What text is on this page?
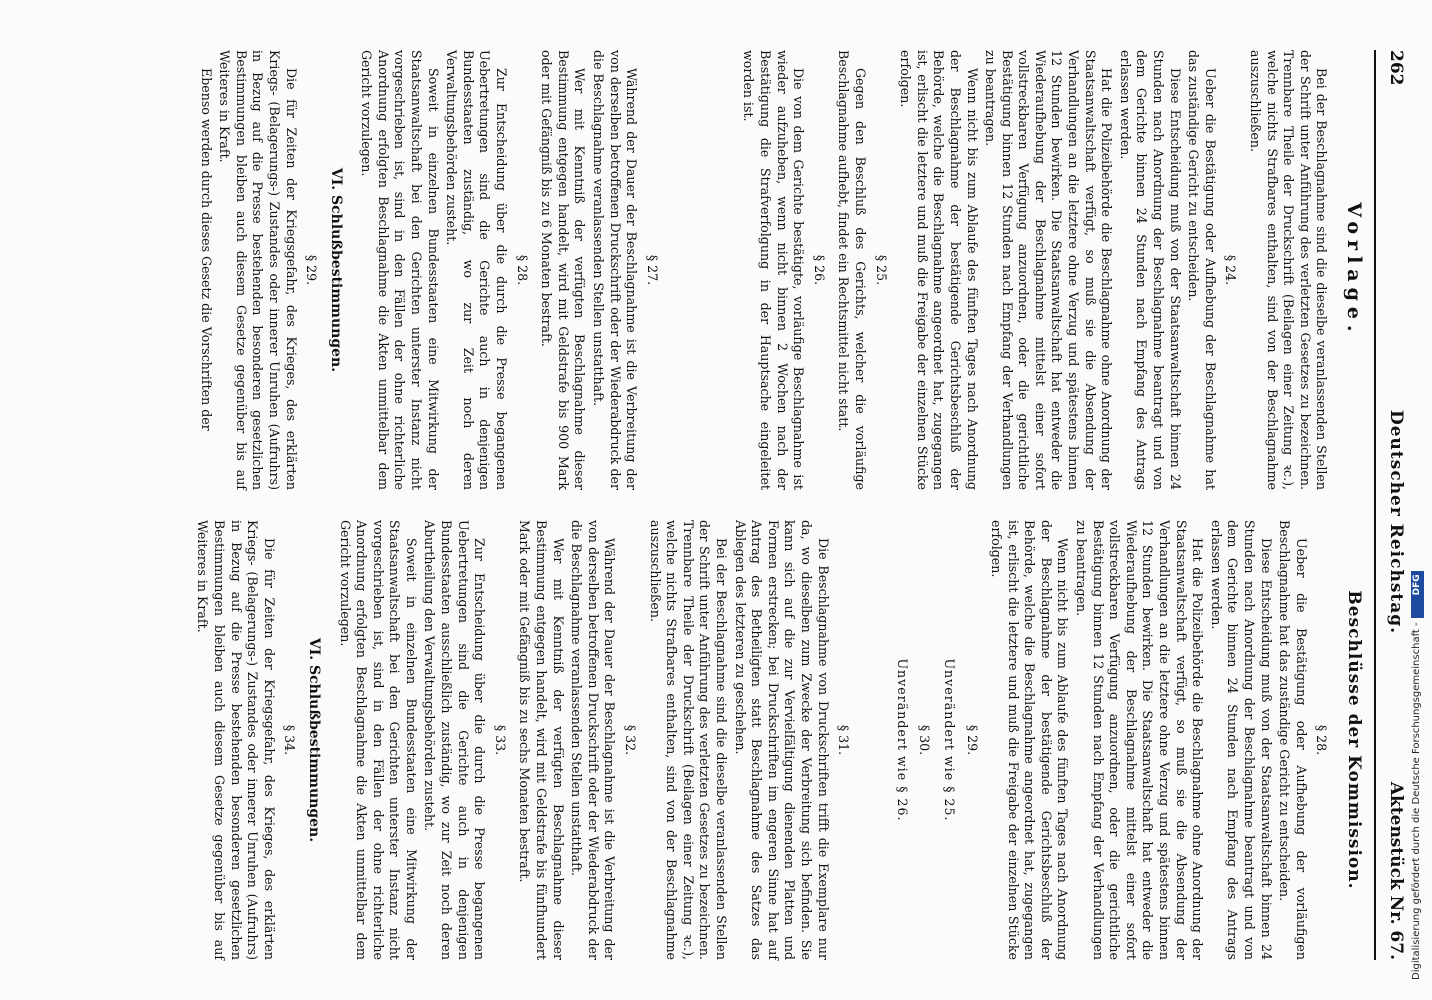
262
Deutscher Reichstag.
Aktenstück Nr. 67.
Vorlage.

Bei der Beschlagnahme sind die dieselbe veranlassenden Stellen der Schrift unter Anführung des verletzten Gesetzes zu bezeichnen. Trennbare Theile der Druckschrift (Beilagen einer Zeitung ꝛc.), welche nichts Strafbares enthalten, sind von der Beschlagnahme auszuschließen.

§ 24.

Ueber die Bestätigung oder Aufhebung der Beschlagnahme hat das zuständige Gericht zu entscheiden.

Diese Entscheidung muß von der Staatsanwaltschaft binnen 24 Stunden nach Anordnung der Beschlagnahme beantragt und von dem Gerichte binnen 24 Stunden nach Empfang des Antrags erlassen werden.

Hat die Polizeibehörde die Beschlagnahme ohne Anordnung der Staatsanwaltschaft verfügt, so muß sie die Absendung der Verhandlungen an die letztere ohne Verzug und spätestens binnen 12 Stunden bewirken. Die Staatsanwaltschaft hat entweder die Wiederaufhebung der Beschlagnahme mittelst einer sofort vollstreckbaren Verfügung anzuordnen, oder die gerichtliche Bestätigung binnen 12 Stunden nach Empfang der Verhandlungen zu beantragen.

Wenn nicht bis zum Ablaufe des fünften Tages nach Anordnung der Beschlagnahme der bestätigende Gerichtsbeschluß der Behörde, welche die Beschlagnahme angeordnet hat, zugegangen ist, erlischt die letztere und muß die Freigabe der einzelnen Stücke erfolgen.

§ 25.

Gegen den Beschluß des Gerichts, welcher die vorläufige Beschlagnahme aufhebt, findet ein Rechtsmittel nicht statt.

§ 26.

Die von dem Gerichte bestätigte, vorläufige Beschlagnahme ist wieder aufzuheben, wenn nicht binnen 2 Wochen nach der Bestätigung die Strafverfolgung in der Hauptsache eingeleitet worden ist.

§ 27.

Während der Dauer der Beschlagnahme ist die Verbreitung der von derselben betroffenen Druckschrift oder der Wiederabdruck der die Beschlagnahme veranlassenden Stellen unstatthaft.

Wer mit Kenntniß der verfügten Beschlagnahme dieser Bestimmung entgegen handelt, wird mit Geldstrafe bis 900 Mark oder mit Gefängniß bis zu 6 Monaten bestraft.

§ 28.

Zur Entscheidung über die durch die Presse begangenen Uebertretungen sind die Gerichte auch in denjenigen Bundesstaaten zuständig, wo zur Zeit noch deren Verwaltungsbehörden zusteht.

Soweit in einzelnen Bundesstaaten eine Mitwirkung der Staatsanwaltschaft bei den Gerichten unterster Instanz nicht vorgeschrieben ist, sind in den Fällen der ohne richterliche Anordnung erfolgten Beschlagnahme die Akten unmittelbar dem Gericht vorzulegen.

VI. Schlußbestimmungen.
§ 29.

Die für Zeiten der Kriegsgefahr, des Krieges, des erklärten Kriegs- (Belagerungs-) Zustandes oder innerer Unruhen (Aufruhrs) in Bezug auf die Presse bestehenden besonderen gesetzlichen Bestimmungen bleiben auch diesem Gesetze gegenüber bis auf Weiteres in Kraft.

Ebenso werden durch dieses Gesetz die Vorschriften der

Beschlüsse der Kommission.
§ 28.

Ueber die Bestätigung oder Aufhebung der vorläufigen Beschlagnahme hat das zuständige Gericht zu entscheiden.

Diese Entscheidung muß von der Staatsanwaltschaft binnen 24 Stunden nach Anordnung der Beschlagnahme beantragt und von dem Gerichte binnen 24 Stunden nach Empfang des Antrags erlassen werden.

Hat die Polizeibehörde die Beschlagnahme ohne Anordnung der Staatsanwaltschaft verfügt, so muß sie die Absendung der Verhandlungen an die letztere ohne Verzug und spätestens binnen 12 Stunden bewirken. Die Staatsanwaltschaft hat entweder die Wiederaufhebung der Beschlagnahme mittelst einer sofort vollstreckbaren Verfügung anzuordnen, oder die gerichtliche Bestätigung binnen 12 Stunden nach Empfang der Verhandlungen zu beantragen.

Wenn nicht bis zum Ablaufe des fünften Tages nach Anordnung der Beschlagnahme der bestätigende Gerichtsbeschluß der Behörde, welche die Beschlagnahme angeordnet hat, zugegangen ist, erlischt die letztere und muß die Freigabe der einzelnen Stücke erfolgen.

§ 29.
Unverändert wie § 25.
§ 30.
Unverändert wie § 26.
§ 31.

Die Beschlagnahme von Druckschriften trifft die Exemplare nur da, wo dieselben zum Zwecke der Verbreitung sich befinden. Sie kann sich auf die zur Vervielfältigung dienenden Platten und Formen erstrecken; bei Druckschriften im engeren Sinne hat auf Antrag des Betheiligten statt Beschlagnahme des Satzes das Ablegen des letzteren zu geschehen.

Bei der Beschlagnahme sind die dieselbe veranlassenden Stellen der Schrift unter Anführung des verletzten Gesetzes zu bezeichnen. Trennbare Theile der Druckschrift (Beilagen einer Zeitung ꝛc.), welche nichts Strafbares enthalten, sind von der Beschlagnahme auszuschließen.

§ 32.

Während der Dauer der Beschlagnahme ist die Verbreitung der von derselben betroffenen Druckschrift oder der Wiederabdruck der die Beschlagnahme veranlassenden Stellen unstatthaft.

Wer mit Kenntniß der verfügten Beschlagnahme dieser Bestimmung entgegen handelt, wird mit Geldstrafe bis fünfhundert Mark oder mit Gefängniß bis zu sechs Monaten bestraft.

§ 33.

Zur Entscheidung über die durch die Presse begangenen Uebertretungen sind die Gerichte auch in denjenigen Bundesstaaten ausschließlich zuständig, wo zur Zeit noch deren Aburtheilung den Verwaltungsbehörden zusteht.

Soweit in einzelnen Bundesstaaten eine Mitwirkung der Staatsanwaltschaft bei den Gerichten unterster Instanz nicht vorgeschrieben ist, sind in den Fällen der ohne richterliche Anordnung erfolgten Beschlagnahme die Akten unmittelbar dem Gericht vorzulegen.

VI. Schlußbestimmungen.
§ 34.

Die für Zeiten der Kriegsgefahr, des Krieges, des erklärten Kriegs- (Belagerungs-) Zustandes oder innerer Unruhen (Aufruhrs) in Bezug auf die Presse bestehenden besonderen gesetzlichen Bestimmungen bleiben auch diesem Gesetze gegenüber bis auf Weiteres in Kraft.

Digitalisierung gefördert durch die Deutsche Forschungsgemeinschaft -DFG
